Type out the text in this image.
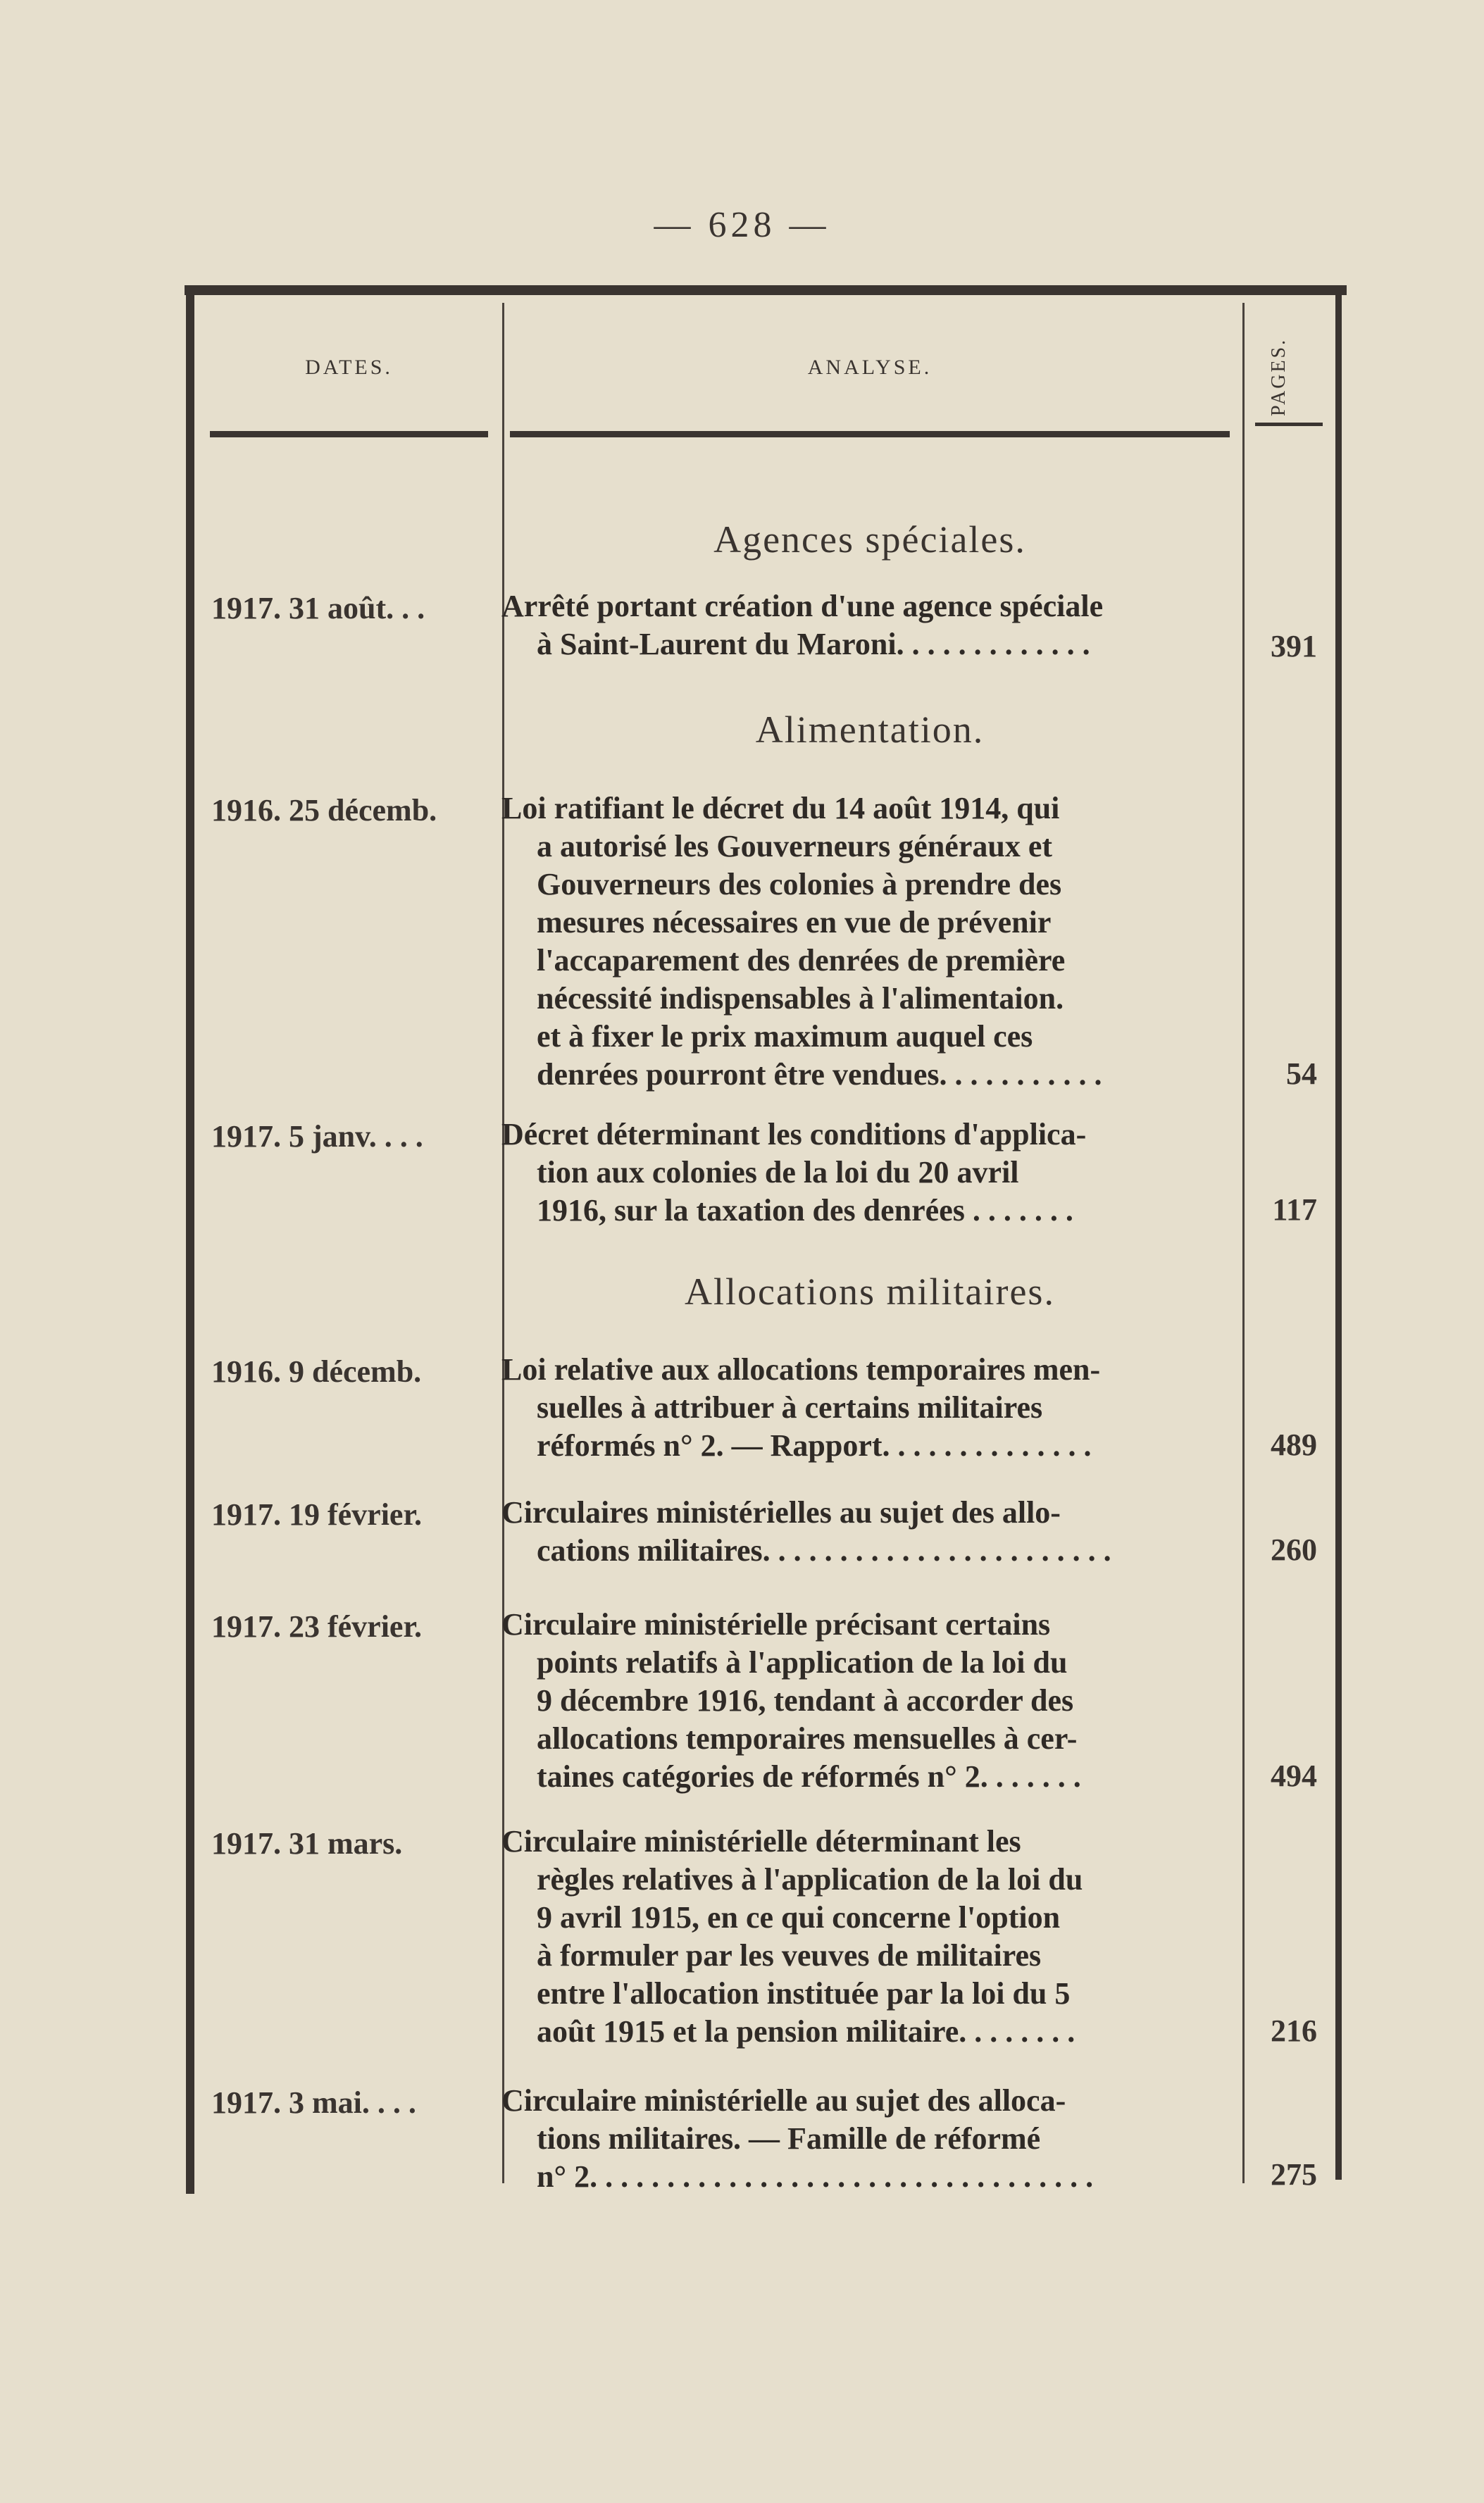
— 628 —
DATES.	ANALYSE.	PAGES.
Agences spéciales.
1917. 31 août. . .	Arrêté portant création d'une agence spéciale
à Saint-Laurent du Maroni. . . . . . . . . . . . .	391
Alimentation.
1916. 25 décemb.	Loi ratifiant le décret du 14 août 1914, qui
a autorisé les Gouverneurs généraux et
Gouverneurs des colonies à prendre des
mesures nécessaires en vue de prévenir
l'accaparement des denrées de première
nécessité indispensables à l'alimentaion.
et à fixer le prix maximum auquel ces
denrées pourront être vendues. . . . . . . . . . .	54
1917. 5 janv. . . .	Décret déterminant les conditions d'applica-
tion aux colonies de la loi du 20 avril
1916, sur la taxation des denrées . . . . . . .	117
Allocations militaires.
1916. 9 décemb.	Loi relative aux allocations temporaires men-
suelles à attribuer à certains militaires
réformés n° 2. — Rapport. . . . . . . . . . . . . .	489
1917. 19 février.	Circulaires ministérielles au sujet des allo-
cations militaires. . . . . . . . . . . . . . . . . . . . . . .	260
1917. 23 février.	Circulaire ministérielle précisant certains
points relatifs à l'application de la loi du
9 décembre 1916, tendant à accorder des
allocations temporaires mensuelles à cer-
taines catégories de réformés n° 2. . . . . . .	494
1917. 31 mars.	Circulaire ministérielle déterminant les
règles relatives à l'application de la loi du
9 avril 1915, en ce qui concerne l'option
à formuler par les veuves de militaires
entre l'allocation instituée par la loi du 5
août 1915 et la pension militaire. . . . . . . .	216
1917. 3 mai. . . .	Circulaire ministérielle au sujet des alloca-
tions militaires. — Famille de réformé
n° 2. . . . . . . . . . . . . . . . . . . . . . . . . . . . . . . . .	275
